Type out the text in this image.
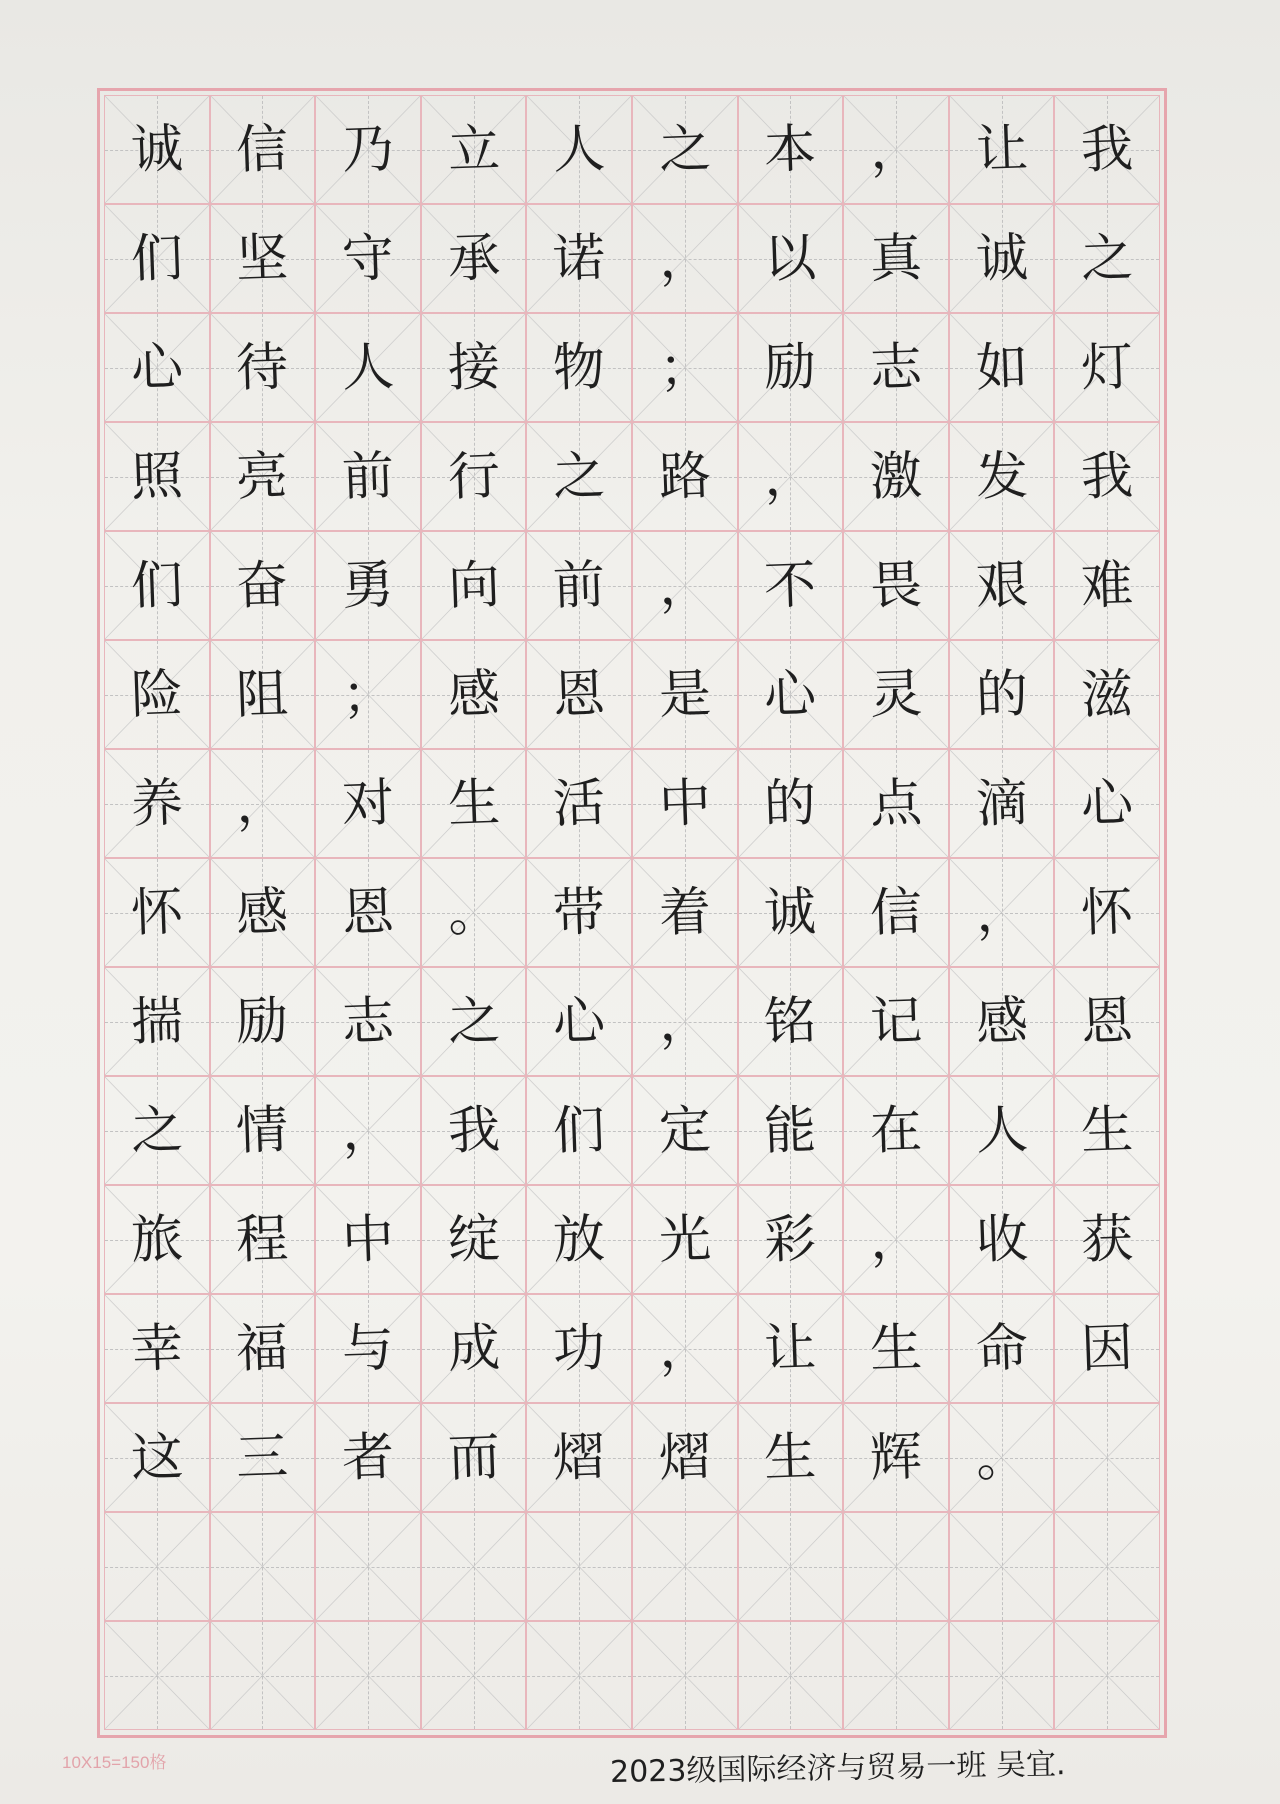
诚 信 乃 立 人 之 本 ， 让 我
们 坚 守 承 诺 ， 以 真 诚 之
心 待 人 接 物 ； 励 志 如 灯
照 亮 前 行 之 路 ， 激 发 我
们 奋 勇 向 前 ， 不 畏 艰 难
险 阻 ； 感 恩 是 心 灵 的 滋
养 ， 对 生 活 中 的 点 滴 心
怀 感 恩 。 带 着 诚 信 ， 怀
揣 励 志 之 心 ， 铭 记 感 恩
之 情 ， 我 们 定 能 在 人 生
旅 程 中 绽 放 光 彩 ， 收 获
幸 福 与 成 功 ， 让 生 命 因
这 三 者 而 熠 熠 生 辉 。
10X15=150格	2023级国际经济与贸易一班 吴宜.
